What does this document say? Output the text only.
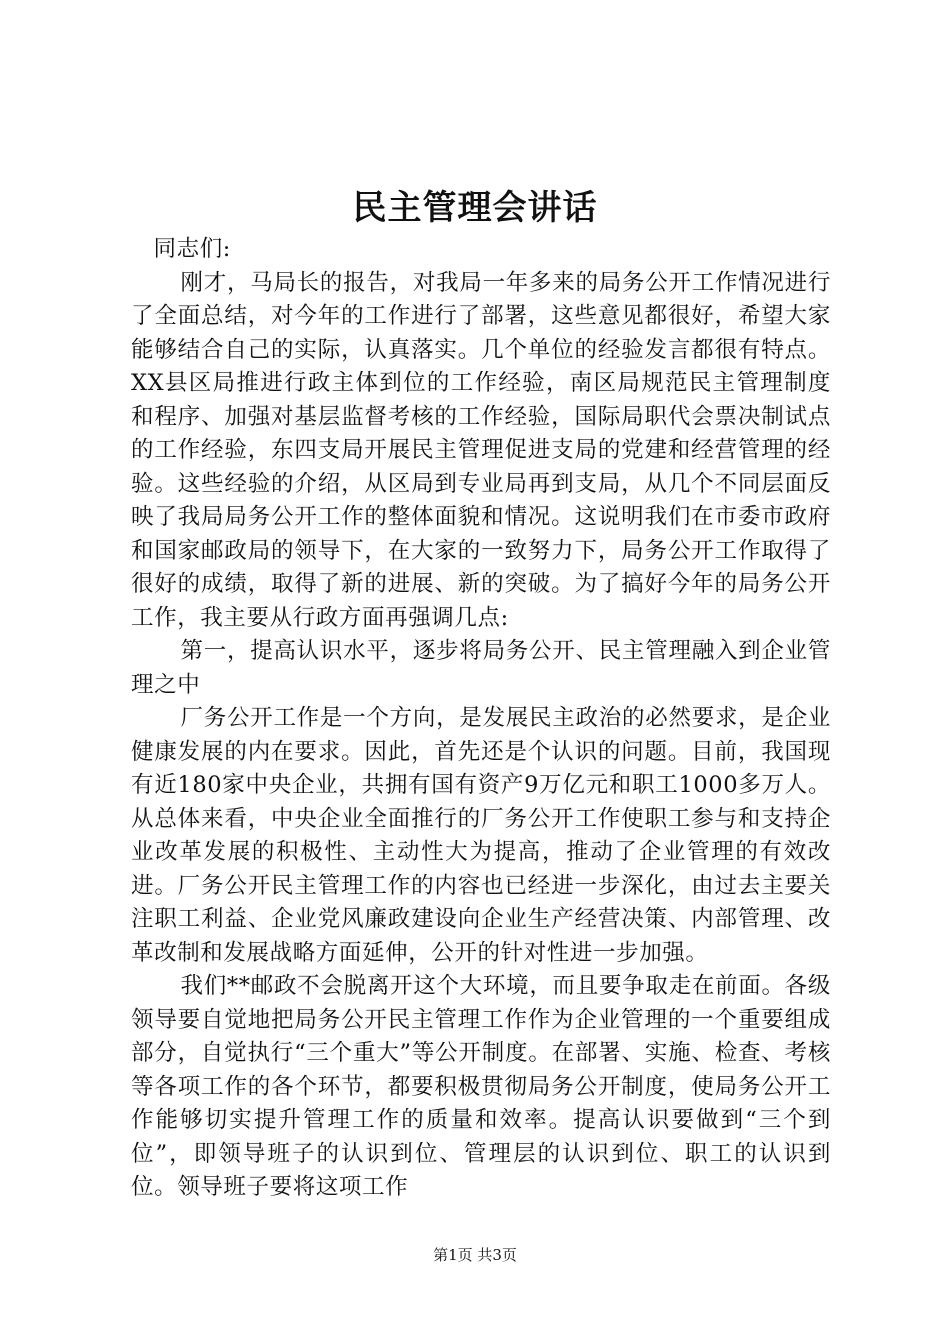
民主管理会讲话

同志们:

刚才，马局长的报告，对我局一年多来的局务公开工作情况进行了全面总结，对今年的工作进行了部署，这些意见都很好，希望大家能够结合自己的实际，认真落实。几个单位的经验发言都很有特点。XX县区局推进行政主体到位的工作经验，南区局规范民主管理制度和程序、加强对基层监督考核的工作经验，国际局职代会票决制试点的工作经验，东四支局开展民主管理促进支局的党建和经营管理的经验。这些经验的介绍，从区局到专业局再到支局，从几个不同层面反映了我局局务公开工作的整体面貌和情况。这说明我们在市委市政府和国家邮政局的领导下，在大家的一致努力下，局务公开工作取得了很好的成绩，取得了新的进展、新的突破。为了搞好今年的局务公开工作，我主要从行政方面再强调几点:

第一，提高认识水平，逐步将局务公开、民主管理融入到企业管理之中

厂务公开工作是一个方向，是发展民主政治的必然要求，是企业健康发展的内在要求。因此，首先还是个认识的问题。目前，我国现有近180家中央企业，共拥有国有资产9万亿元和职工1000多万人。从总体来看，中央企业全面推行的厂务公开工作使职工参与和支持企业改革发展的积极性、主动性大为提高，推动了企业管理的有效改进。厂务公开民主管理工作的内容也已经进一步深化，由过去主要关注职工利益、企业党风廉政建设向企业生产经营决策、内部管理、改革改制和发展战略方面延伸，公开的针对性进一步加强。

我们**邮政不会脱离开这个大环境，而且要争取走在前面。各级领导要自觉地把局务公开民主管理工作作为企业管理的一个重要组成部分，自觉执行“三个重大”等公开制度。在部署、实施、检查、考核等各项工作的各个环节，都要积极贯彻局务公开制度，使局务公开工作能够切实提升管理工作的质量和效率。提高认识要做到“三个到位”，即领导班子的认识到位、管理层的认识到位、职工的认识到位。领导班子要将这项工作

第1页 共3页
